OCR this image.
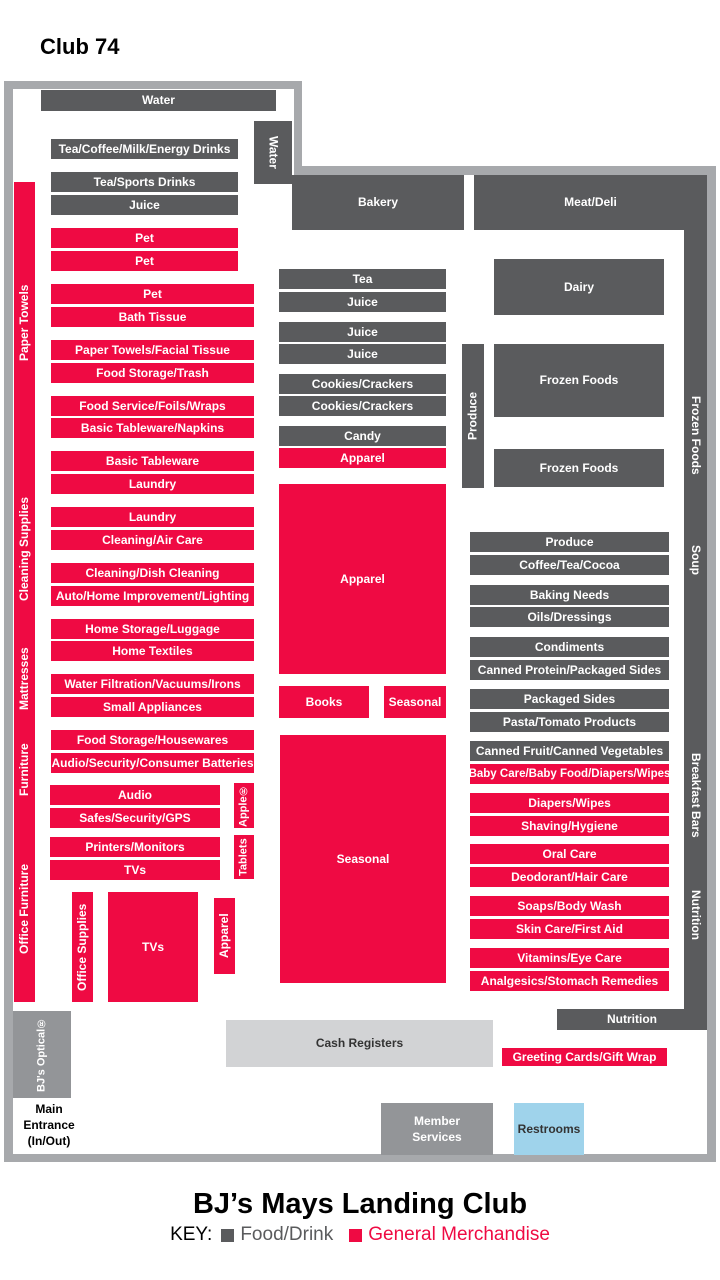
Club 74
Water
Water
Bakery	Meat/Deli
Paper Towels
Cleaning Supplies
Mattresses
Furniture
Office Furniture
Tea/Coffee/Milk/Energy Drinks
Tea/Sports Drinks
Juice
Pet
Pet
Pet
Bath Tissue
Paper Towels/Facial Tissue
Food Storage/Trash
Food Service/Foils/Wraps
Basic Tableware/Napkins
Basic Tableware
Laundry
Laundry
Cleaning/Air Care
Cleaning/Dish Cleaning
Auto/Home Improvement/Lighting
Home Storage/Luggage
Home Textiles
Water Filtration/Vacuums/Irons
Small Appliances
Food Storage/Housewares
Audio/Security/Consumer Batteries
Audio
Safes/Security/GPS
Printers/Monitors
TVs
Apple®
Tablets
Office Supplies	TVs	Apparel
Tea
Juice
Juice
Juice
Cookies/Crackers
Cookies/Crackers
Candy
Apparel
Apparel
Books	Seasonal
Seasonal
Produce
Dairy
Frozen Foods
Frozen Foods
Produce
Coffee/Tea/Cocoa
Baking Needs
Oils/Dressings
Condiments
Canned Protein/Packaged Sides
Packaged Sides
Pasta/Tomato Products
Canned Fruit/Canned Vegetables
Baby Care/Baby Food/Diapers/Wipes
Diapers/Wipes
Shaving/Hygiene
Oral Care
Deodorant/Hair Care
Soaps/Body Wash
Skin Care/First Aid
Vitamins/Eye Care
Analgesics/Stomach Remedies
Frozen Foods
Soup
Breakfast Bars
Nutrition
Nutrition
BJ's Optical®
Main Entrance (In/Out)
Cash Registers
Greeting Cards/Gift Wrap
Member Services
Restrooms
BJ’s Mays Landing Club
KEY: Food/Drink General Merchandise
